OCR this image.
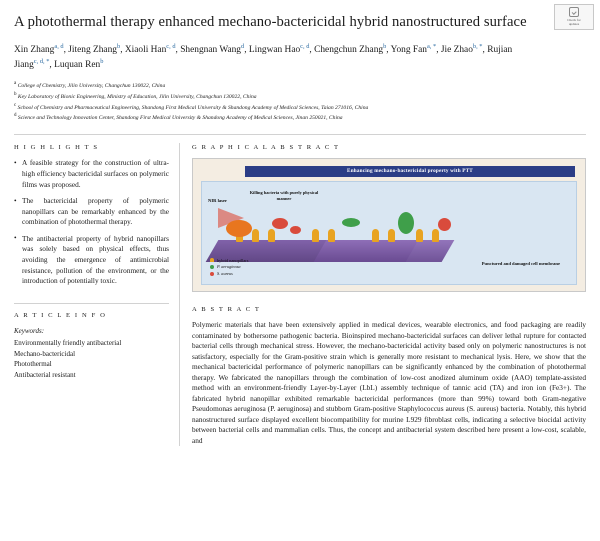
Check for
updates
A photothermal therapy enhanced mechano-bactericidal hybrid nanostructured surface
Xin Zhang$^{a, d}$, Jiteng Zhang$^b$, Xiaoli Han$^{c, d}$, Shengnan Wang$^d$, Lingwan Hao$^{c, d}$, Chengchun Zhang$^b$, Yong Fan$^{a, *}$, Jie Zhao$^{b, *}$, Rujian Jiang$^{c, d, *}$, Luquan Ren$^b$
a College of Chemistry, Jilin University, Changchun 130022, China
b Key Laboratory of Bionic Engineering, Ministry of Education, Jilin University, Changchun 130022, China
c School of Chemistry and Pharmaceutical Engineering, Shandong First Medical University & Shandong Academy of Medical Sciences, Taian 271016, China
d Science and Technology Innovation Center, Shandong First Medical University & Shandong Academy of Medical Sciences, Jinan 250021, China
H I G H L I G H T S
• A feasible strategy for the construction of ultra-high efficiency bactericidal surfaces on polymeric films was proposed.
• The bactericidal property of polymeric nanopillars can be remarkably enhanced by the combination of photothermal therapy.
• The antibacterial property of hybrid nanopillars was solely based on physical effects, thus avoiding the emergence of antimicrobial resistance, pollution of the environment, or the introduction of potentially toxic.
A R T I C L E I N F O
Keywords:
Environmentally friendly antibacterial
Mechano-bactericidal
Photothermal
Antibacterial resistant
G R A P H I C A L A B S T R A C T
Enhancing mechano-bactericidal property with PTT
NIR laser
Killing bacteria with purely physical manner
Punctured and damaged cell membrane
hybrid nanopillars
P. aeruginosa
S. aureus
A B S T R A C T

Polymeric materials that have been extensively applied in medical devices, wearable electronics, and food packaging are readily contaminated by bothersome pathogenic bacteria. Bioinspired mechano-bactericidal surfaces can deliver lethal rupture for contacted bacterial cells through mechanical stress. However, the mechano-bactericidal activity based only on polymeric nanostructures is not satisfactory, especially for the Gram-positive strain which is generally more resistant to mechanical lysis. Here, we show that the mechanical bactericidal performance of polymeric nanopillars can be significantly enhanced by the combination of photothermal therapy. We fabricated the nanopillars through the combination of low-cost anodized aluminum oxide (AAO) template-assisted method with an environment-friendly Layer-by-Layer (LbL) assembly technique of tannic acid (TA) and iron ion (Fe3+). The fabricated hybrid nanopillar exhibited remarkable bactericidal performances (more than 99%) toward both Gram-negative Pseudomonas aeruginosa (P. aeruginosa) and stubborn Gram-positive Staphylococcus aureus (S. aureus) bacteria. Notably, this hybrid nanostructured surface displayed excellent biocompatibility for murine L929 fibroblast cells, indicating a selective biocidal activity between bacterial cells and mammalian cells. Thus, the concept and antibacterial system described here present a low-cost, scalable, and
